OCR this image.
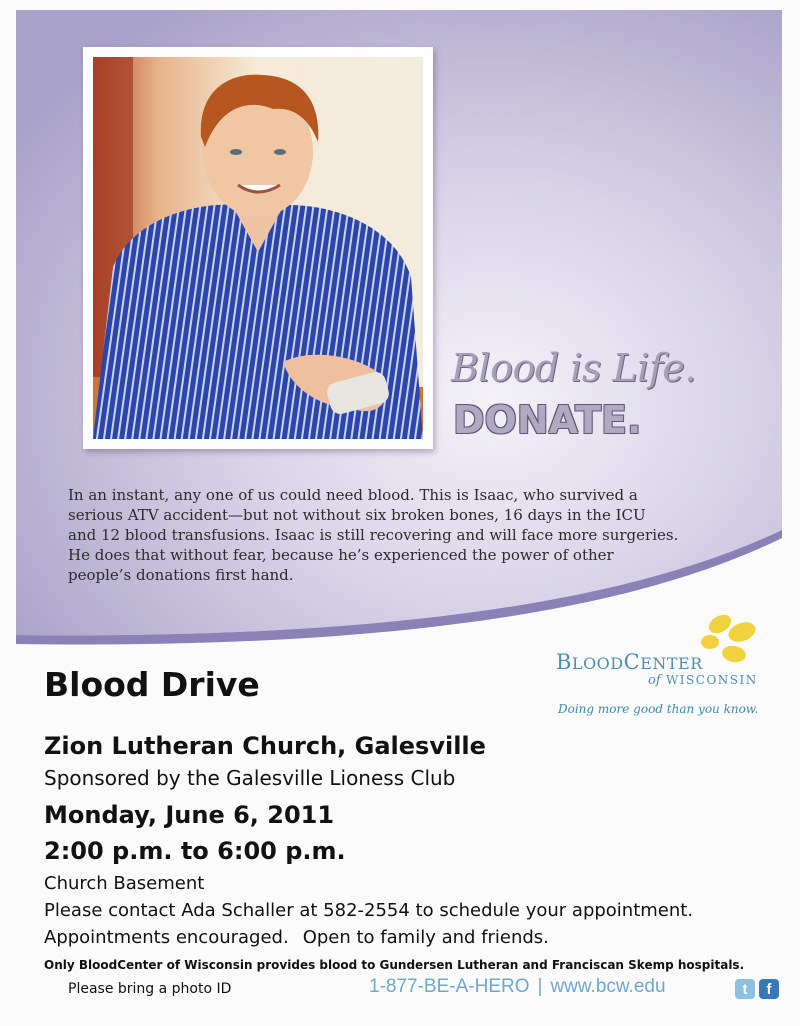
Blood is Life.
DONATE.
In an instant, any one of us could need blood. This is Isaac, who survived a
serious ATV accident—but not without six broken bones, 16 days in the ICU
and 12 blood transfusions. Isaac is still recovering and will face more surgeries.
He does that without fear, because he’s experienced the power of other
people’s donations first hand.
BLOODCENTER
of WISCONSIN
Doing more good than you know.
Blood Drive
Zion Lutheran Church, Galesville
Sponsored by the Galesville Lioness Club
Monday, June 6, 2011
2:00 p.m. to 6:00 p.m.
Church Basement
Please contact Ada Schaller at 582-2554 to schedule your appointment.
Appointments encouraged. Open to family and friends.
Only BloodCenter of Wisconsin provides blood to Gundersen Lutheran and Franciscan Skemp hospitals.
Please bring a photo ID	1-877-BE-A-HERO | www.bcw.edu	t	f
